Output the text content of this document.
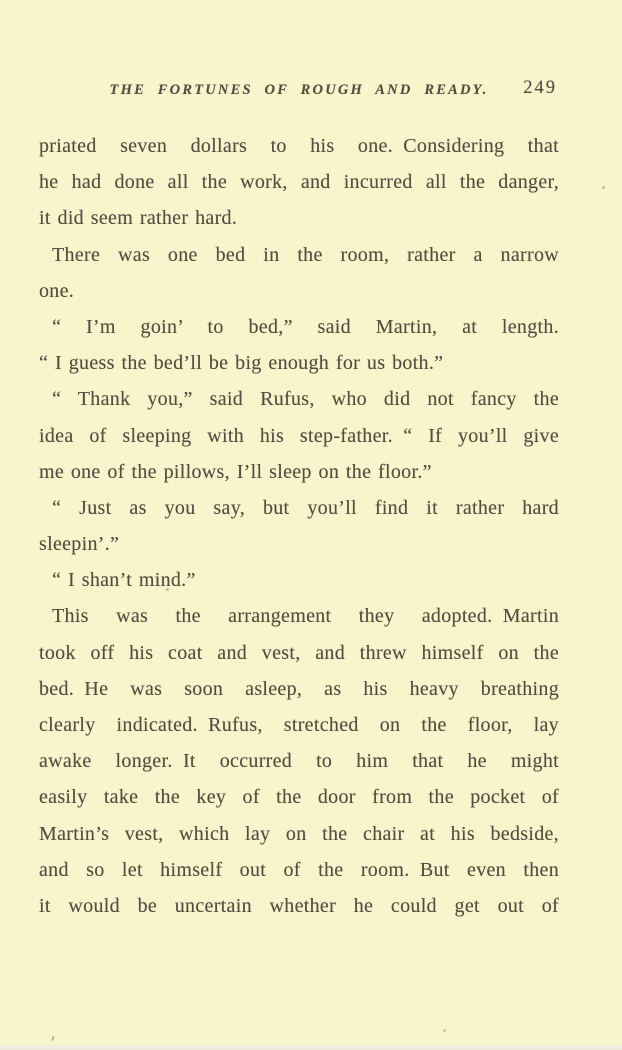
THE FORTUNES OF ROUGH AND READY.	249
priated seven dollars to his one. Considering that
he had done all the work, and incurred all the danger,
it did seem rather hard.
There was one bed in the room, rather a narrow
one.
“ I’m goin’ to bed,” said Martin, at length.
“ I guess the bed’ll be big enough for us both.”
“ Thank you,” said Rufus, who did not fancy the
idea of sleeping with his step-father. “ If you’ll give
me one of the pillows, I’ll sleep on the floor.”
“ Just as you say, but you’ll find it rather hard
sleepin’.”
“ I shan’t mind.”
This was the arrangement they adopted. Martin
took off his coat and vest, and threw himself on the
bed. He was soon asleep, as his heavy breathing
clearly indicated. Rufus, stretched on the floor, lay
awake longer. It occurred to him that he might
easily take the key of the door from the pocket of
Martin’s vest, which lay on the chair at his bedside,
and so let himself out of the room. But even then
it would be uncertain whether he could get out of
